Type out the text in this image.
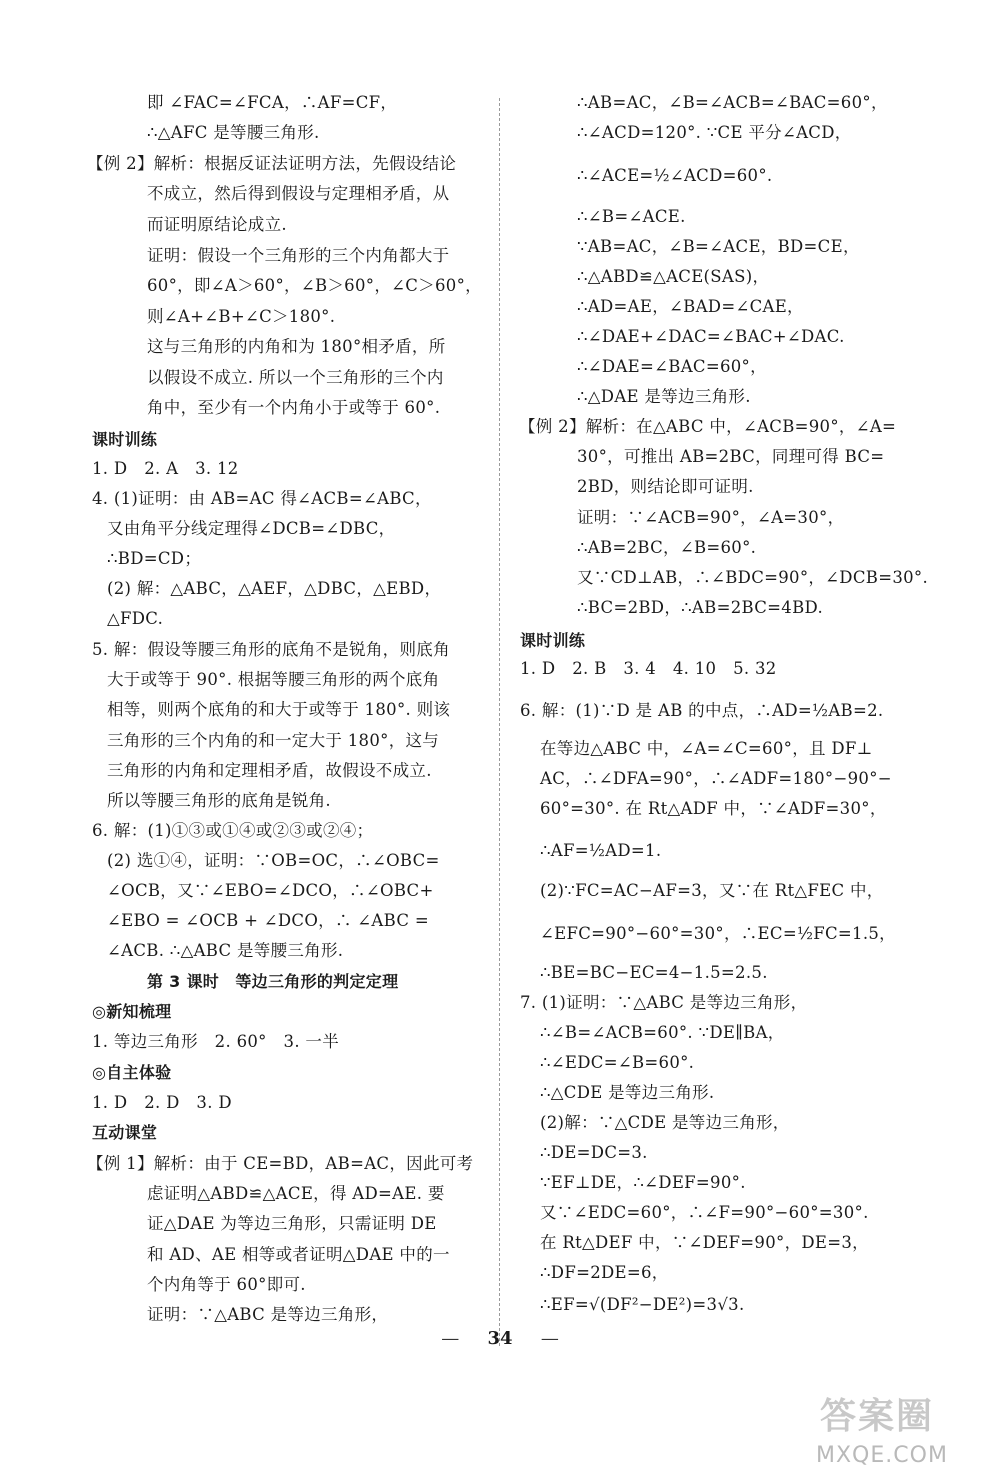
即 ∠FAC=∠FCA，∴AF=CF，
∴△AFC 是等腰三角形.
【例 2】解析：根据反证法证明方法，先假设结论
不成立，然后得到假设与定理相矛盾，从
而证明原结论成立.
证明：假设一个三角形的三个内角都大于
60°，即∠A＞60°，∠B＞60°，∠C＞60°，
则∠A+∠B+∠C＞180°.
这与三角形的内角和为 180°相矛盾，所
以假设不成立. 所以一个三角形的三个内
角中，至少有一个内角小于或等于 60°.
课时训练
1. D　2. A　3. 12
4. (1)证明：由 AB=AC 得∠ACB=∠ABC，
又由角平分线定理得∠DCB=∠DBC，
∴BD=CD；
(2) 解：△ABC，△AEF，△DBC，△EBD，
△FDC.
5. 解：假设等腰三角形的底角不是锐角，则底角
大于或等于 90°. 根据等腰三角形的两个底角
相等，则两个底角的和大于或等于 180°. 则该
三角形的三个内角的和一定大于 180°，这与
三角形的内角和定理相矛盾，故假设不成立.
所以等腰三角形的底角是锐角.
6. 解：(1)①③或①④或②③或②④；
(2) 选①④，证明：∵OB=OC，∴∠OBC=
∠OCB，又∵∠EBO=∠DCO，∴∠OBC+
∠EBO = ∠OCB + ∠DCO，∴ ∠ABC =
∠ACB. ∴△ABC 是等腰三角形.
第 3 课时　等边三角形的判定定理
◎新知梳理
1. 等边三角形　2. 60°　3. 一半
◎自主体验
1. D　2. D　3. D
互动课堂
【例 1】解析：由于 CE=BD，AB=AC，因此可考
虑证明△ABD≌△ACE，得 AD=AE. 要
证△DAE 为等边三角形，只需证明 DE
和 AD、AE 相等或者证明△DAE 中的一
个内角等于 60°即可.
证明：∵△ABC 是等边三角形，
∴AB=AC，∠B=∠ACB=∠BAC=60°，
∴∠ACD=120°. ∵CE 平分∠ACD，
∴∠ACE=½∠ACD=60°.
∴∠B=∠ACE.
∵AB=AC，∠B=∠ACE，BD=CE，
∴△ABD≌△ACE(SAS)，
∴AD=AE，∠BAD=∠CAE，
∴∠DAE+∠DAC=∠BAC+∠DAC.
∴∠DAE=∠BAC=60°，
∴△DAE 是等边三角形.
【例 2】解析：在△ABC 中，∠ACB=90°，∠A=
30°，可推出 AB=2BC，同理可得 BC=
2BD，则结论即可证明.
证明：∵∠ACB=90°，∠A=30°，
∴AB=2BC，∠B=60°.
又∵CD⊥AB，∴∠BDC=90°，∠DCB=30°.
∴BC=2BD，∴AB=2BC=4BD.
课时训练
1. D　2. B　3. 4　4. 10　5. 32
6. 解：(1)∵D 是 AB 的中点，∴AD=½AB=2.
在等边△ABC 中，∠A=∠C=60°，且 DF⊥
AC，∴∠DFA=90°，∴∠ADF=180°−90°−
60°=30°. 在 Rt△ADF 中，∵∠ADF=30°，
∴AF=½AD=1.
(2)∵FC=AC−AF=3，又∵在 Rt△FEC 中，
∠EFC=90°−60°=30°，∴EC=½FC=1.5，
∴BE=BC−EC=4−1.5=2.5.
7. (1)证明：∵△ABC 是等边三角形，
∴∠B=∠ACB=60°. ∵DE∥BA，
∴∠EDC=∠B=60°.
∴△CDE 是等边三角形.
(2)解：∵△CDE 是等边三角形，
∴DE=DC=3.
∵EF⊥DE，∴∠DEF=90°.
又∵∠EDC=60°，∴∠F=90°−60°=30°.
在 Rt△DEF 中，∵∠DEF=90°，DE=3，
∴DF=2DE=6，
∴EF=√(DF²−DE²)=3√3.
— 34 —
答案圈
MXQE.COM
